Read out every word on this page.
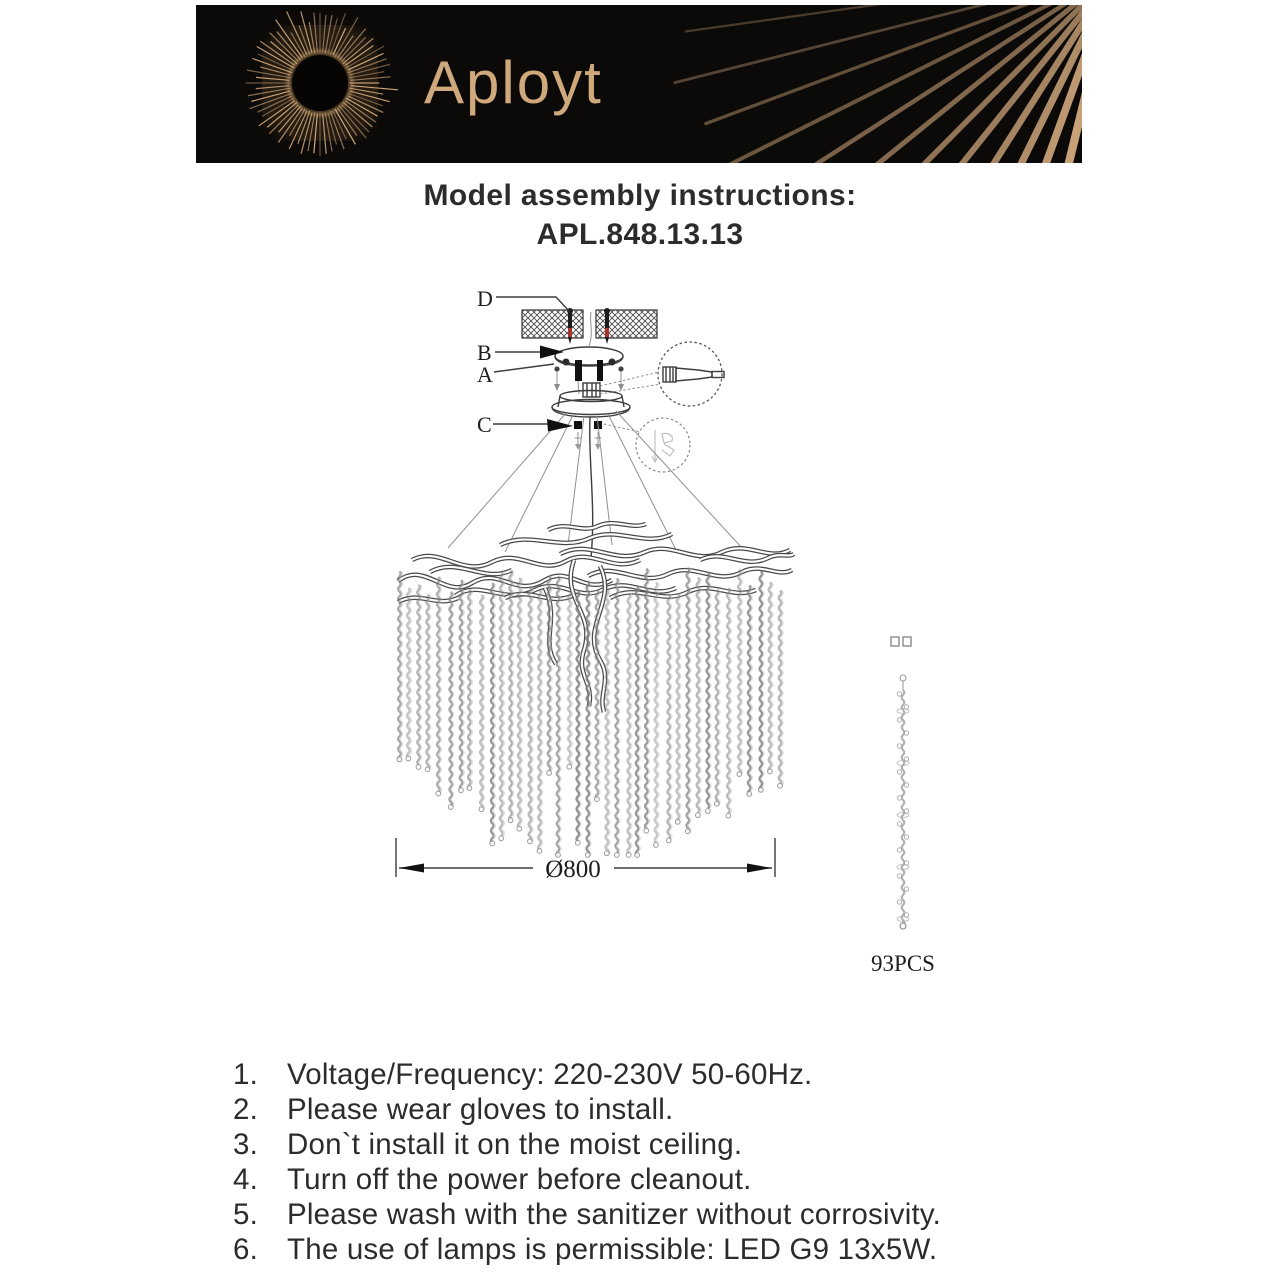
Aployt
Model assembly instructions:
APL.848.13.13
D
B
A
C
Ø800
93PCS
1. Voltage/Frequency: 220-230V 50-60Hz.
2. Please wear gloves to install.
3. Don`t install it on the moist ceiling.
4. Turn off the power before cleanout.
5. Please wash with the sanitizer without corrosivity.
6. The use of lamps is permissible: LED G9 13x5W.
